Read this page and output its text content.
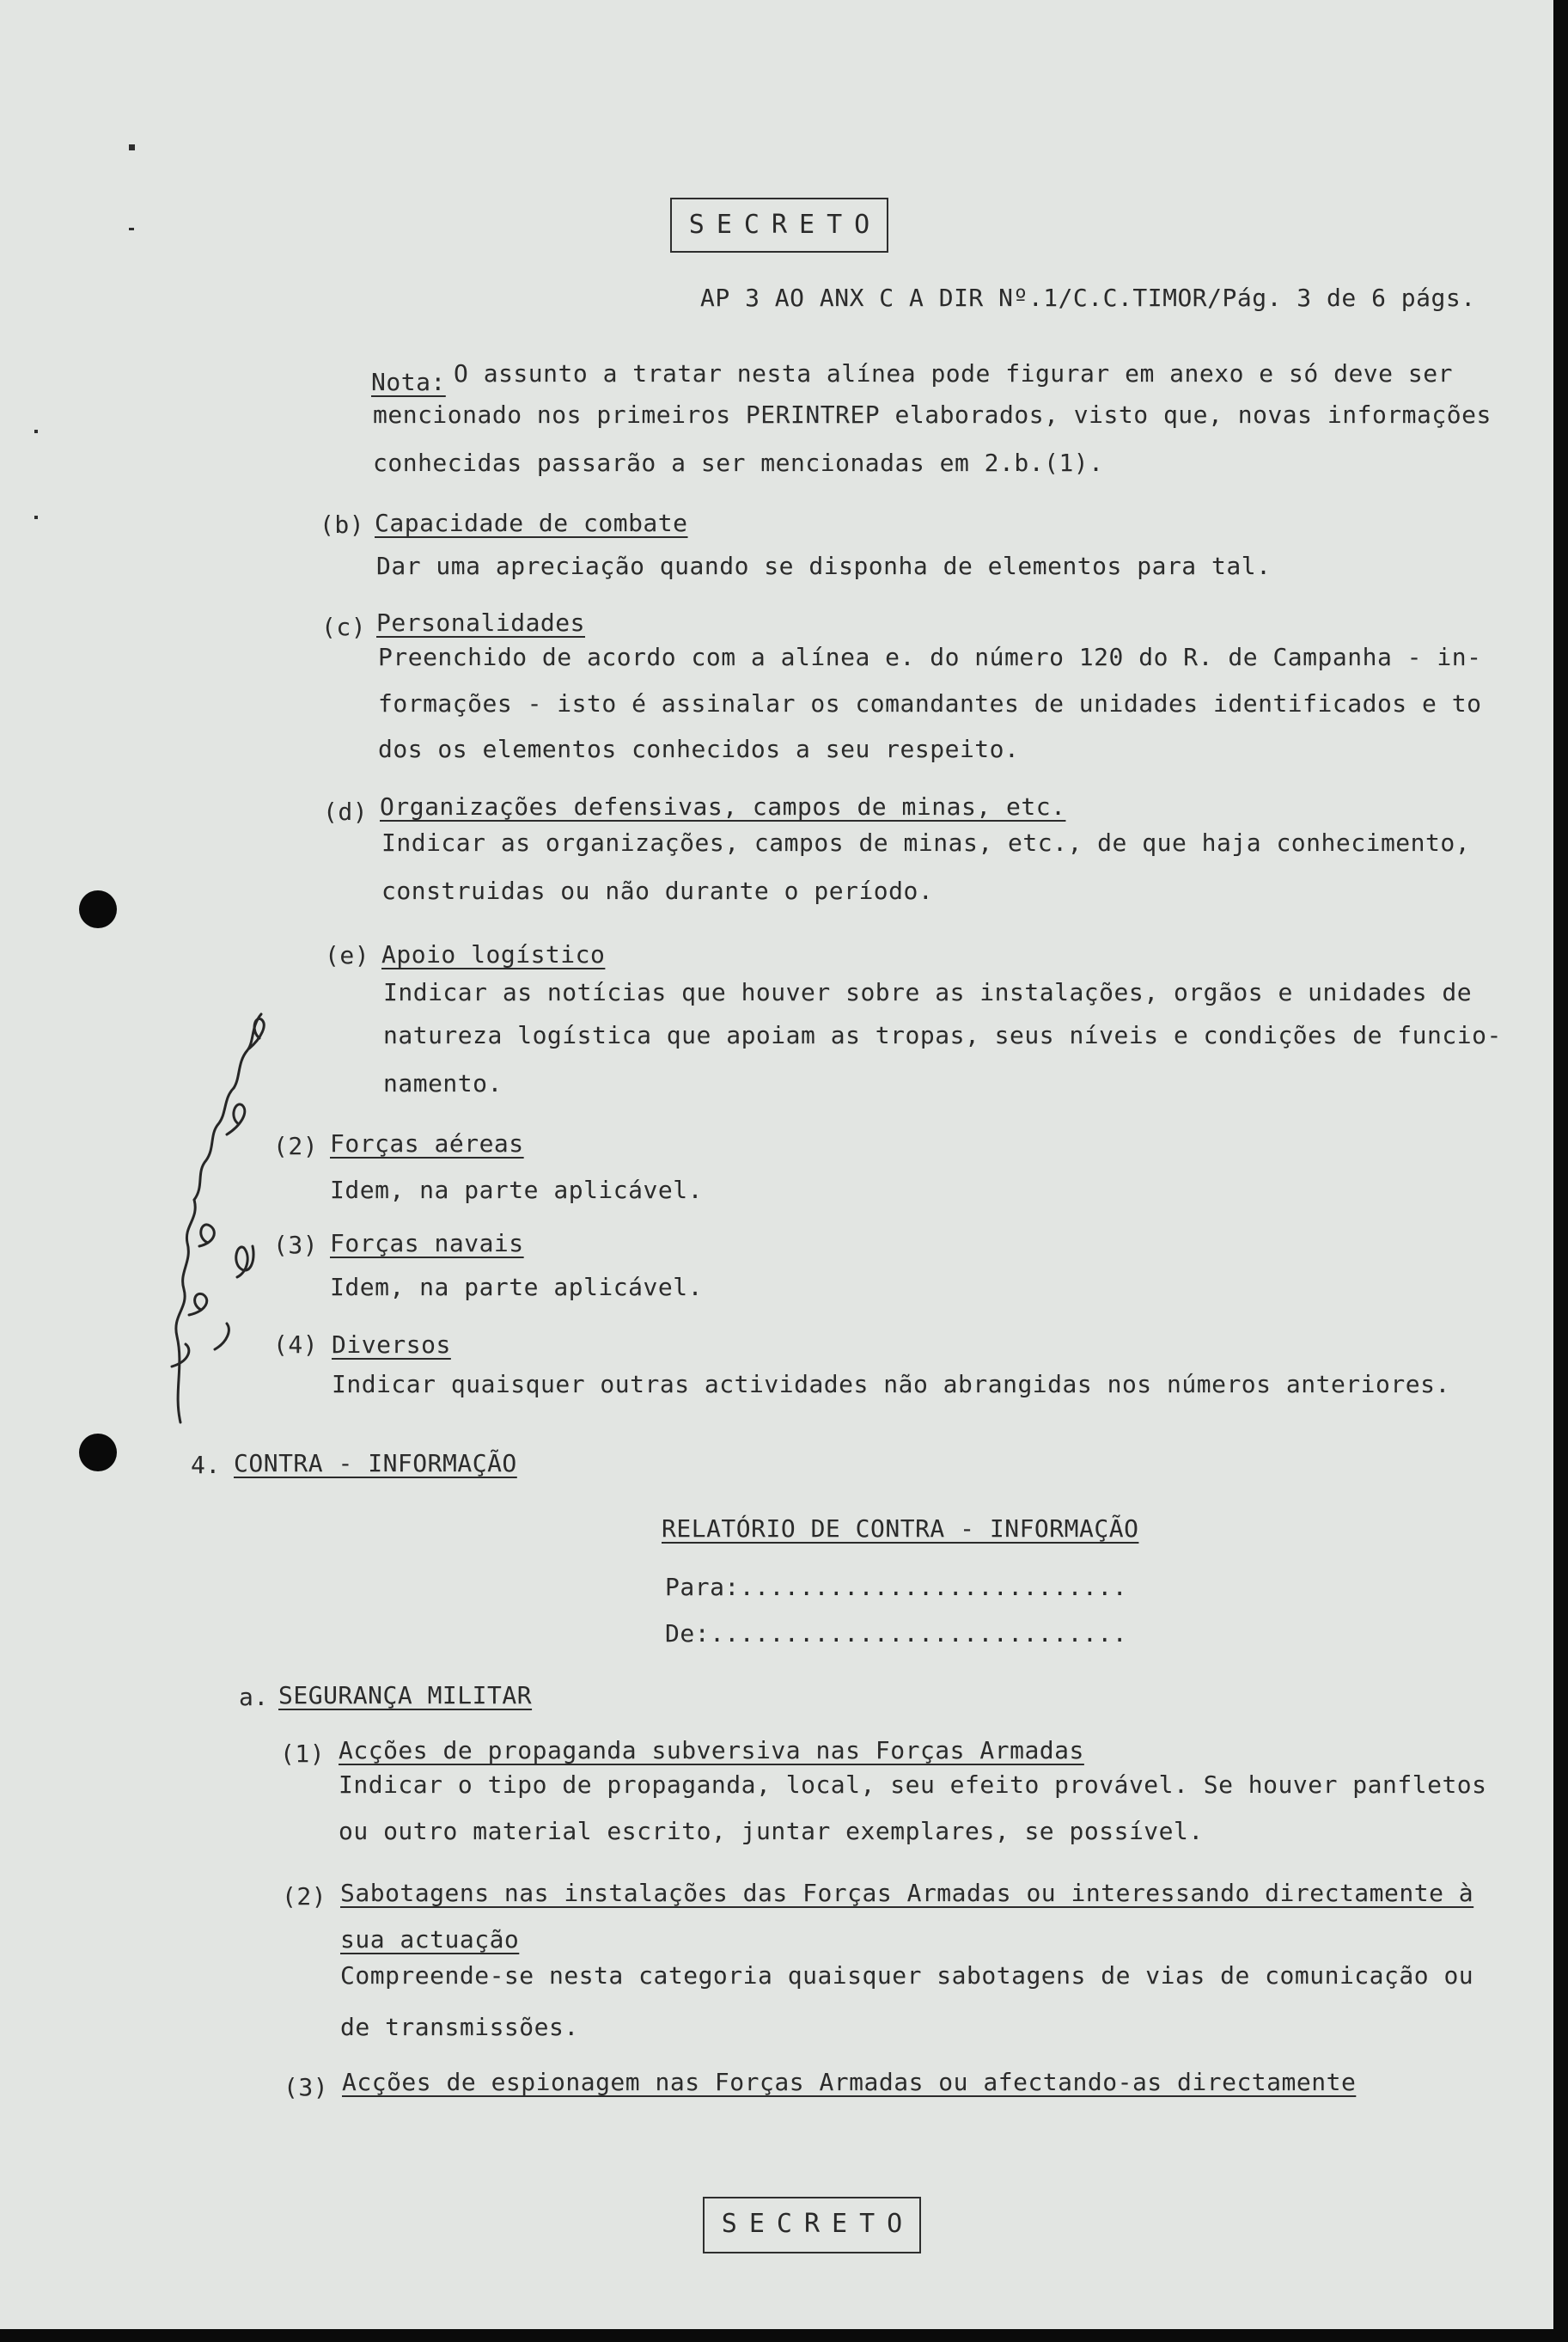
SECRETO
AP 3 AO ANX C A DIR Nº.1/C.C.TIMOR/Pág. 3 de 6 págs.
Nota: O assunto a tratar nesta alínea pode figurar em anexo e só deve ser
mencionado nos primeiros PERINTREP elaborados, visto que, novas informações
conhecidas passarão a ser mencionadas em 2.b.(1).
(b) Capacidade de combate
Dar uma apreciação quando se disponha de elementos para tal.
(c) Personalidades
Preenchido de acordo com a alínea e. do número 120 do R. de Campanha - in-
formações - isto é assinalar os comandantes de unidades identificados e to
dos os elementos conhecidos a seu respeito.
(d) Organizações defensivas, campos de minas, etc.
Indicar as organizações, campos de minas, etc., de que haja conhecimento,
construidas ou não durante o período.
(e) Apoio logístico
Indicar as notícias que houver sobre as instalações, orgãos e unidades de
natureza logística que apoiam as tropas, seus níveis e condições de funcio-
namento.
(2) Forças aéreas
Idem, na parte aplicável.
(3) Forças navais
Idem, na parte aplicável.
(4) Diversos
Indicar quaisquer outras actividades não abrangidas nos números anteriores.
4. CONTRA - INFORMAÇÃO
RELATÓRIO DE CONTRA - INFORMAÇÃO
Para:..........................
De:............................
a. SEGURANÇA MILITAR
(1) Acções de propaganda subversiva nas Forças Armadas
Indicar o tipo de propaganda, local, seu efeito provável. Se houver panfletos
ou outro material escrito, juntar exemplares, se possível.
(2) Sabotagens nas instalações das Forças Armadas ou interessando directamente à
sua actuação
Compreende-se nesta categoria quaisquer sabotagens de vias de comunicação ou
de transmissões.
(3) Acções de espionagem nas Forças Armadas ou afectando-as directamente
SECRETO
